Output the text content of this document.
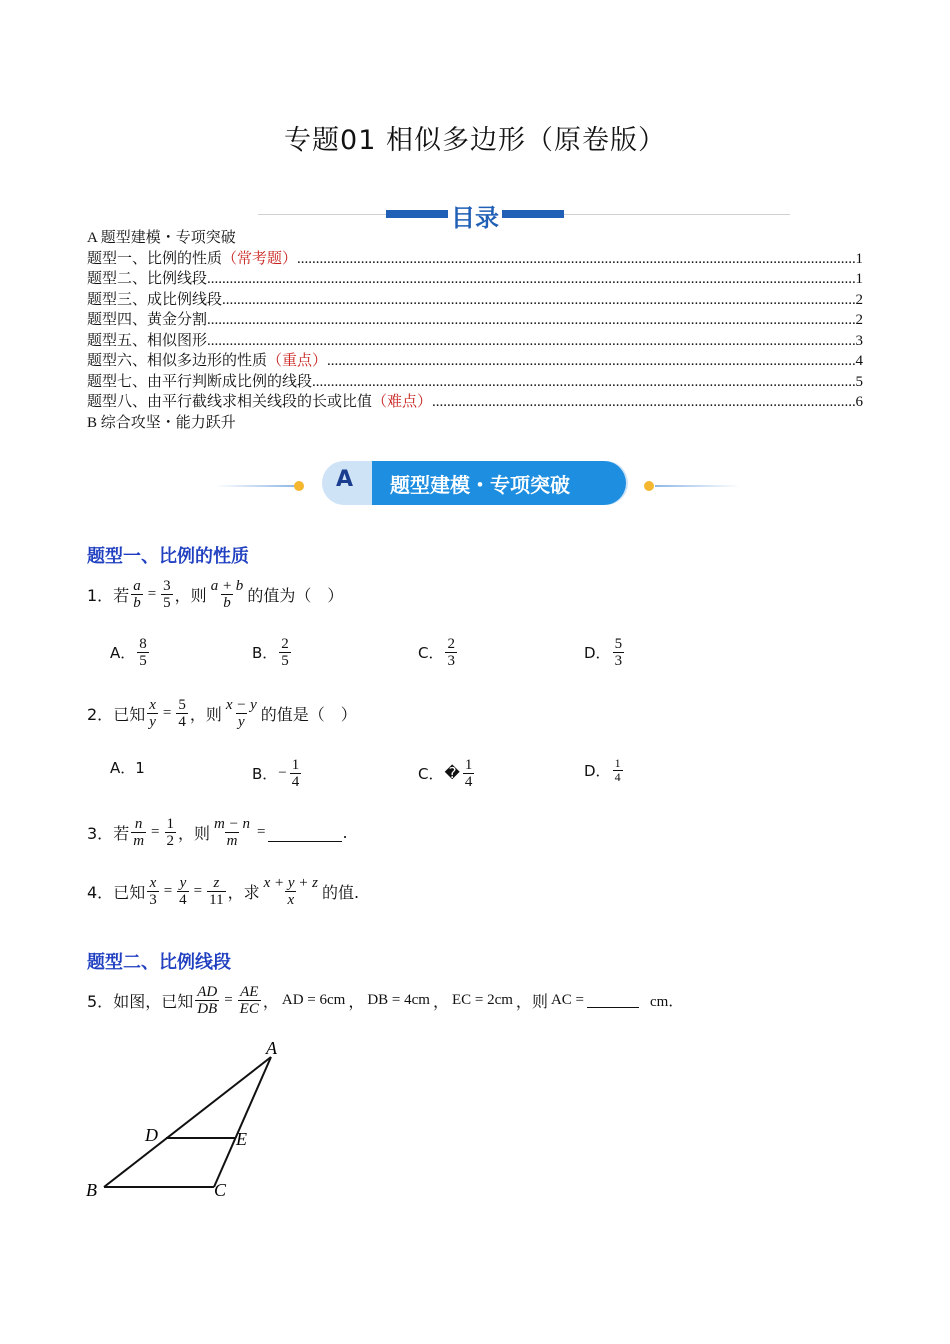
专题01 相似多边形（原卷版）
目录
A 题型建模・专项突破
题型一、比例的性质 （常考题） .....	1
题型二、比例线段 .....	1
题型三、成比例线段 .....	2
题型四、黄金分割 .....	2
题型五、相似图形 .....	3
题型六、相似多边形的性质 （重点） .....	4
题型七、由平行判断成比例的线段 .....	5
题型八、由平行截线求相关线段的长或比值 （难点） .....	6
B 综合攻坚・能力跃升
A 题型建模・专项突破
题型一、比例的性质
1． 若 $\frac{a}{b} = \frac{3}{5}$ ，则 $\frac{a + b}{b}$ 的值为（　）
A． $\frac{8}{5}$	B． $\frac{2}{5}$	C． $\frac{2}{3}$	D． $\frac{5}{3}$
2． 已知 $\frac{x}{y} = \frac{5}{4}$ ，则 $\frac{x - y}{y}$ 的值是（　）
A． 1	B． − $\frac{1}{4}$	C． � $\frac{1}{4}$	D． $\frac{1}{4}$
3． 若 $\frac{n}{m} = \frac{1}{2}$ ，则 $\frac{m - n}{m}$ =	.
4． 已知 $\frac{x}{3} = \frac{y}{4} = \frac{z}{11}$ ，求 $\frac{x + y + z}{x}$ 的值.
题型二、比例线段
5． 如图，已知 $\frac{AD}{DB} = \frac{AE}{EC}$ ， AD = 6cm ， DB = 4cm ， EC = 2cm ， 则 AC =	cm．
A
B	C
D	E
